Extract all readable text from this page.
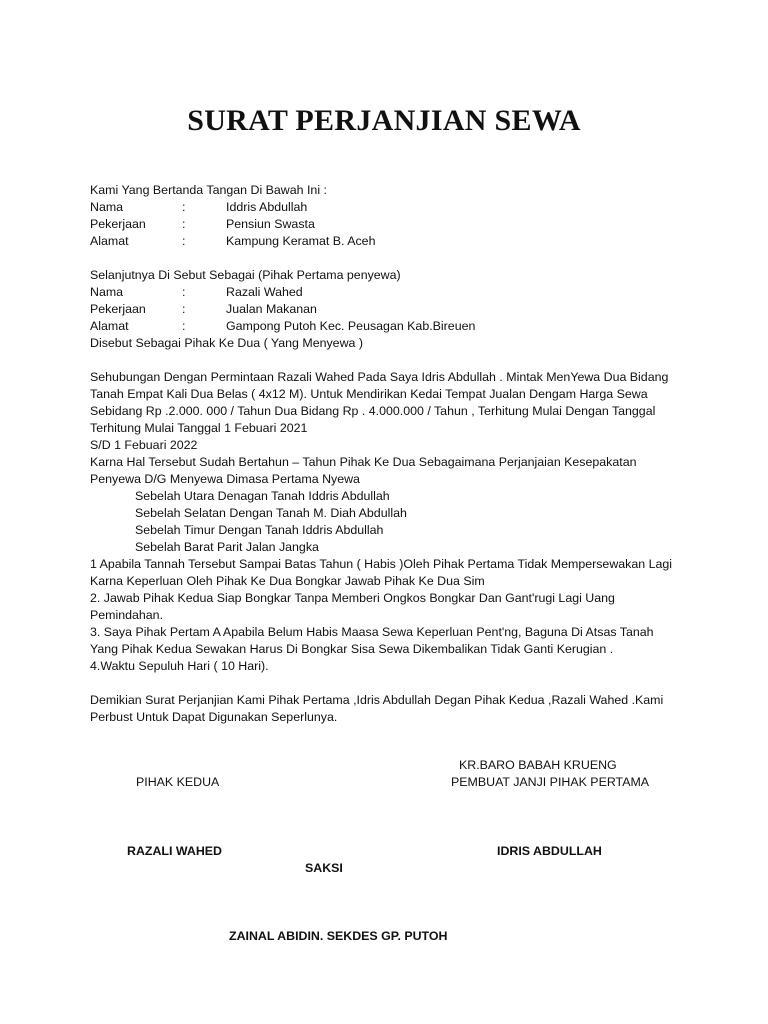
SURAT PERJANJIAN SEWA
Kami Yang Bertanda Tangan Di Bawah Ini :
Nama	:	Iddris Abdullah
Pekerjaan	:	Pensiun Swasta
Alamat	:	Kampung Keramat B. Aceh
Selanjutnya Di Sebut Sebagai (Pihak Pertama penyewa)
Nama	:	Razali Wahed
Pekerjaan	:	Jualan Makanan
Alamat	:	Gampong Putoh Kec. Peusagan Kab.Bireuen
Disebut Sebagai Pihak Ke Dua ( Yang Menyewa )
Sehubungan Dengan Permintaan Razali Wahed Pada Saya Idris Abdullah . Mintak MenYewa Dua Bidang
Tanah Empat Kali Dua Belas ( 4x12 M). Untuk Mendirikan Kedai Tempat Jualan Dengam Harga Sewa
Sebidang Rp .2.000. 000 / Tahun Dua Bidang Rp . 4.000.000 / Tahun , Terhitung Mulai Dengan Tanggal
Terhitung Mulai Tanggal 1 Febuari 2021
S/D 1 Febuari 2022
Karna Hal Tersebut Sudah Bertahun – Tahun Pihak Ke Dua Sebagaimana Perjanjaian Kesepakatan
Penyewa D/G Menyewa Dimasa Pertama Nyewa
Sebelah Utara Denagan Tanah Iddris Abdullah
Sebelah Selatan Dengan Tanah M. Diah Abdullah
Sebelah Timur Dengan Tanah Iddris Abdullah
Sebelah Barat Parit Jalan Jangka
1 Apabila Tannah Tersebut Sampai Batas Tahun ( Habis )Oleh Pihak Pertama Tidak Mempersewakan Lagi
Karna Keperluan Oleh Pihak Ke Dua Bongkar Jawab Pihak Ke Dua Sim
2. Jawab Pihak Kedua Siap Bongkar Tanpa Memberi Ongkos Bongkar Dan Gant'rugi Lagi Uang
Pemindahan.
3. Saya Pihak Pertam A Apabila Belum Habis Maasa Sewa Keperluan Pent'ng, Baguna Di Atsas Tanah
Yang Pihak Kedua Sewakan Harus Di Bongkar Sisa Sewa Dikembalikan Tidak Ganti Kerugian .
4.Waktu Sepuluh Hari ( 10 Hari).
Demikian Surat Perjanjian Kami Pihak Pertama ,Idris Abdullah Degan Pihak Kedua ,Razali Wahed .Kami
Perbust Untuk Dapat Digunakan Seperlunya.
KR.BARO BABAH KRUENG
PIHAK KEDUA	PEMBUAT JANJI PIHAK PERTAMA
RAZALI WAHED	IDRIS ABDULLAH
SAKSI
ZAINAL ABIDIN. SEKDES GP. PUTOH
